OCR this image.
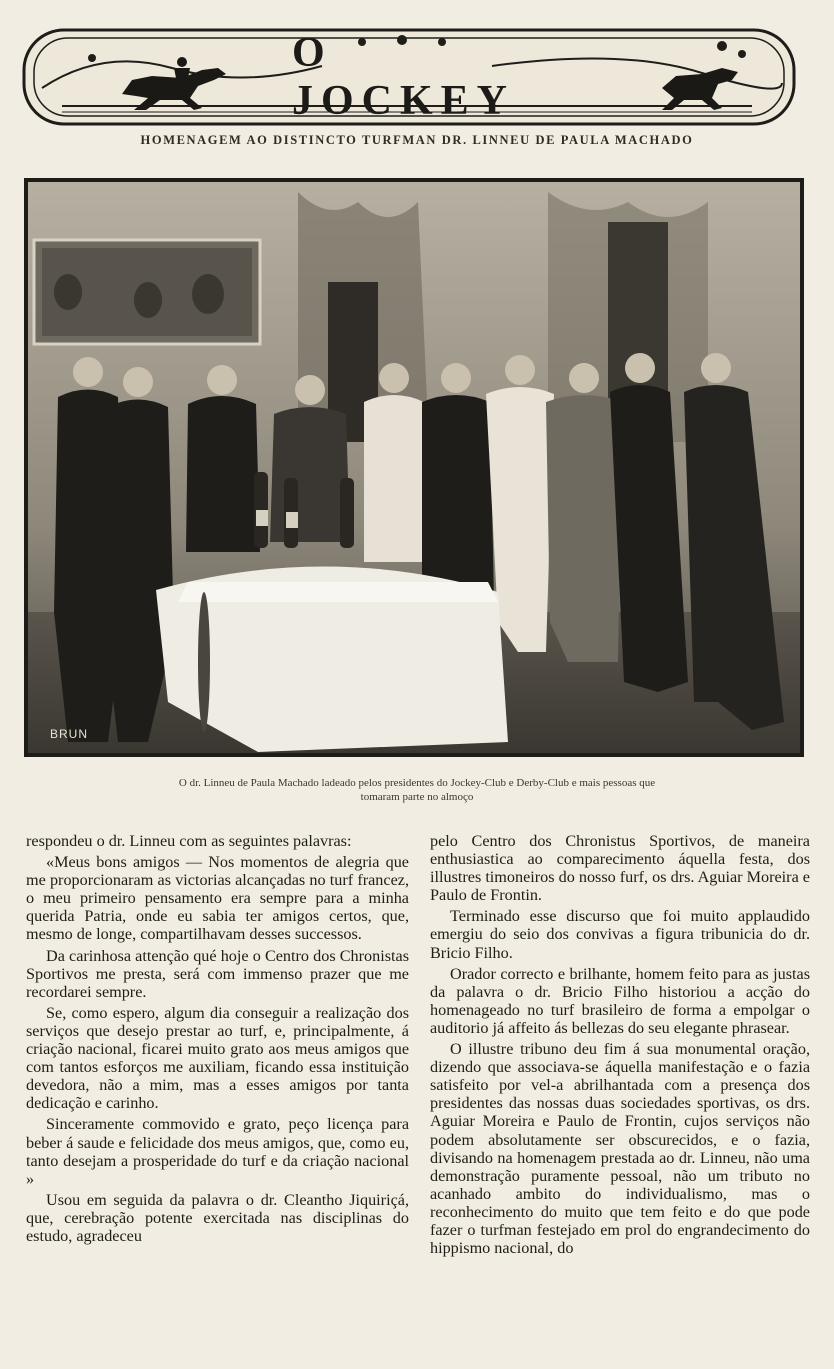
O JOCKEY
HOMENAGEM AO DISTINCTO TURFMAN DR. LINNEU DE PAULA MACHADO
BRUN
O dr. Linneu de Paula Machado ladeado pelos presidentes do Jockey-Club e Derby-Club e mais pessoas que
tomaram parte no almoço

respondeu o dr. Linneu com as seguintes palavras:

«Meus bons amigos — Nos momentos de alegria que me proporcionaram as victorias alcançadas no turf francez, o meu primeiro pensamento era sempre para a minha querida Patria, onde eu sabia ter amigos certos, que, mesmo de longe, compartilhavam desses successos.

Da carinhosa attenção qué hoje o Centro dos Chronistas Sportivos me presta, será com immenso prazer que me recordarei sempre.

Se, como espero, algum dia conseguir a realização dos serviços que desejo prestar ao turf, e, principalmente, á criação nacional, ficarei muito grato aos meus amigos que com tantos esforços me auxiliam, ficando essa instituição devedora, não a mim, mas a esses amigos por tanta dedicação e carinho.

Sinceramente commovido e grato, peço licença para beber á saude e felicidade dos meus amigos, que, como eu, tanto desejam a prosperidade do turf e da criação nacional »

Usou em seguida da palavra o dr. Cleantho Jiquiriçá, que, cerebração potente exercitada nas disciplinas do estudo, agradeceu

pelo Centro dos Chronistus Sportivos, de maneira enthusiastica ao comparecimento áquella festa, dos illustres timoneiros do nosso furf, os drs. Aguiar Moreira e Paulo de Frontin.

Terminado esse discurso que foi muito applaudido emergiu do seio dos convivas a figura tribunicia do dr. Bricio Filho.

Orador correcto e brilhante, homem feito para as justas da palavra o dr. Bricio Filho historiou a acção do homenageado no turf brasileiro de forma a empolgar o auditorio já affeito ás bellezas do seu elegante phrasear.

O illustre tribuno deu fim á sua monumental oração, dizendo que associava-se áquella manifestação e o fazia satisfeito por vel-a abrilhantada com a presença dos presidentes das nossas duas sociedades sportivas, os drs. Aguiar Moreira e Paulo de Frontin, cujos serviços não podem absolutamente ser obscurecidos, e o fazia, divisando na homenagem prestada ao dr. Linneu, não uma demonstração puramente pessoal, não um tributo no acanhado ambito do individualismo, mas o reconhecimento do muito que tem feito e do que pode fazer o turfman festejado em prol do engrandecimento do hippismo nacional, do
